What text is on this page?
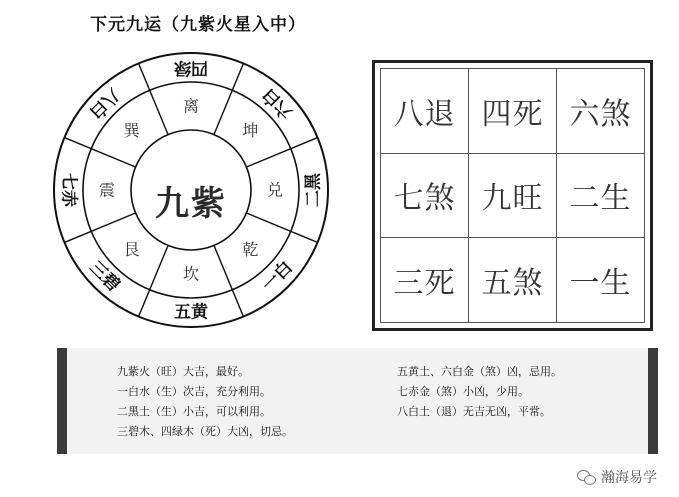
下元九运（九紫火星入中）
四绿
六白
二黑
一白
五黄
三碧
七赤
八白	离
坤
兑
乾
坎
艮
震
巽
九紫
八退 四死 六煞
七煞 九旺 二生
三死 五煞 一生
九紫火（旺）大吉，最好。
一白水（生）次吉，充分利用。
二黑土（生）小吉，可以利用。
三碧木、四绿木（死）大凶，切忌。
五黄土、六白金（煞）凶，忌用。
七赤金（煞）小凶，少用。
八白土（退）无吉无凶，平常。
瀚海易学
